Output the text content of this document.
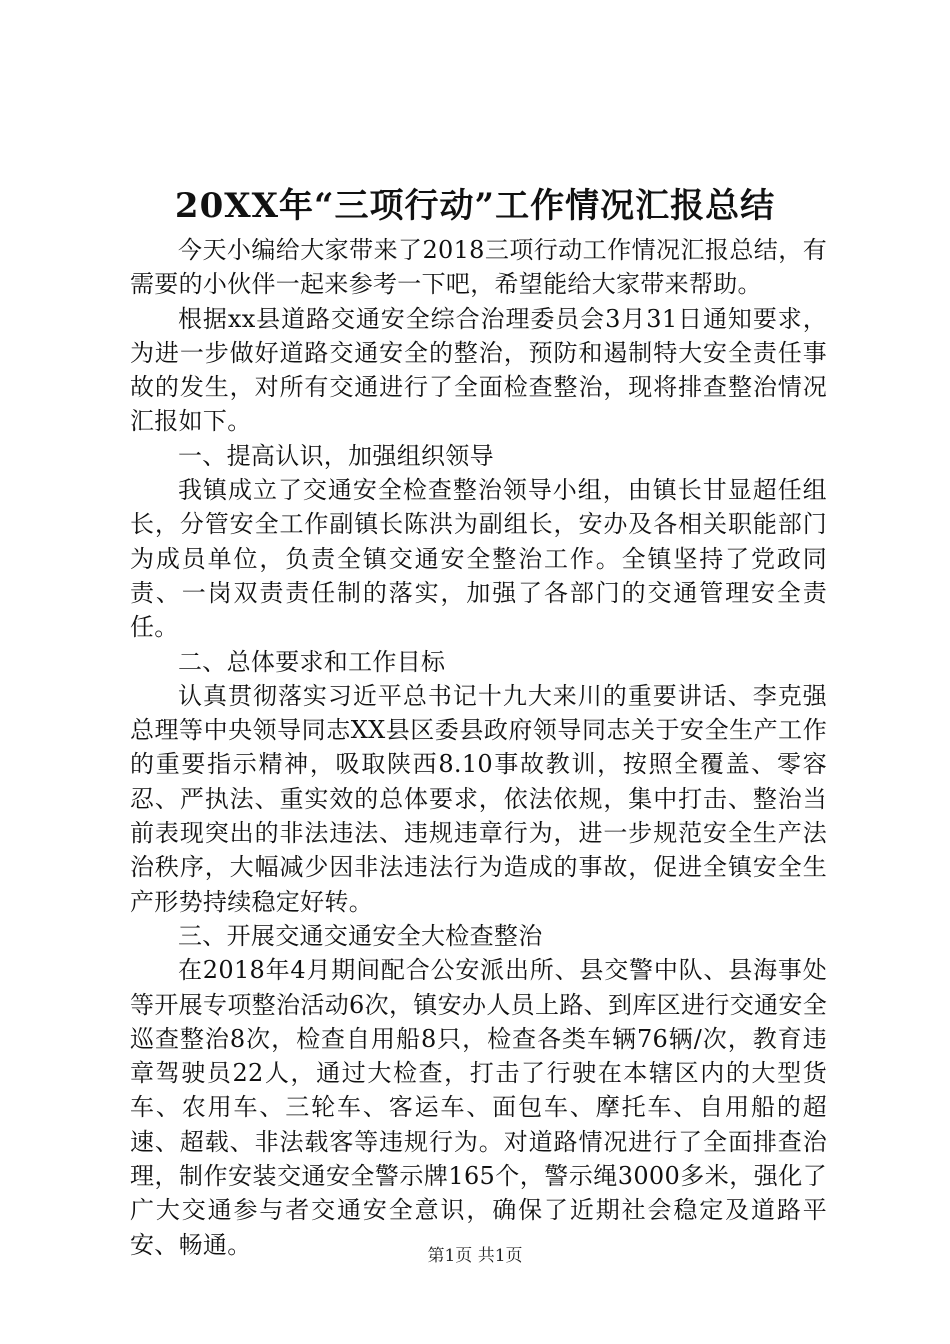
20XX年“三项行动”工作情况汇报总结

今天小编给大家带来了2018三项行动工作情况汇报总结，有需要的小伙伴一起来参考一下吧，希望能给大家带来帮助。

根据xx县道路交通安全综合治理委员会3月31日通知要求，为进一步做好道路交通安全的整治，预防和遏制特大安全责任事故的发生，对所有交通进行了全面检查整治，现将排查整治情况汇报如下。

一、提高认识，加强组织领导

我镇成立了交通安全检查整治领导小组，由镇长甘显超任组长，分管安全工作副镇长陈洪为副组长，安办及各相关职能部门为成员单位，负责全镇交通安全整治工作。全镇坚持了党政同责、一岗双责责任制的落实，加强了各部门的交通管理安全责任。

二、总体要求和工作目标

认真贯彻落实习近平总书记十九大来川的重要讲话、李克强总理等中央领导同志XX县区委县政府领导同志关于安全生产工作的重要指示精神，吸取陕西8.10事故教训，按照全覆盖、零容忍、严执法、重实效的总体要求，依法依规，集中打击、整治当前表现突出的非法违法、违规违章行为，进一步规范安全生产法治秩序，大幅减少因非法违法行为造成的事故，促进全镇安全生产形势持续稳定好转。

三、开展交通交通安全大检查整治

在2018年4月期间配合公安派出所、县交警中队、县海事处等开展专项整治活动6次，镇安办人员上路、到库区进行交通安全巡查整治8次，检查自用船8只，检查各类车辆76辆/次，教育违章驾驶员22人，通过大检查，打击了行驶在本辖区内的大型货车、农用车、三轮车、客运车、面包车、摩托车、自用船的超速、超载、非法载客等违规行为。对道路情况进行了全面排查治理，制作安装交通安全警示牌165个，警示绳3000多米，强化了广大交通参与者交通安全意识，确保了近期社会稳定及道路平安、畅通。	第1页 共1页
